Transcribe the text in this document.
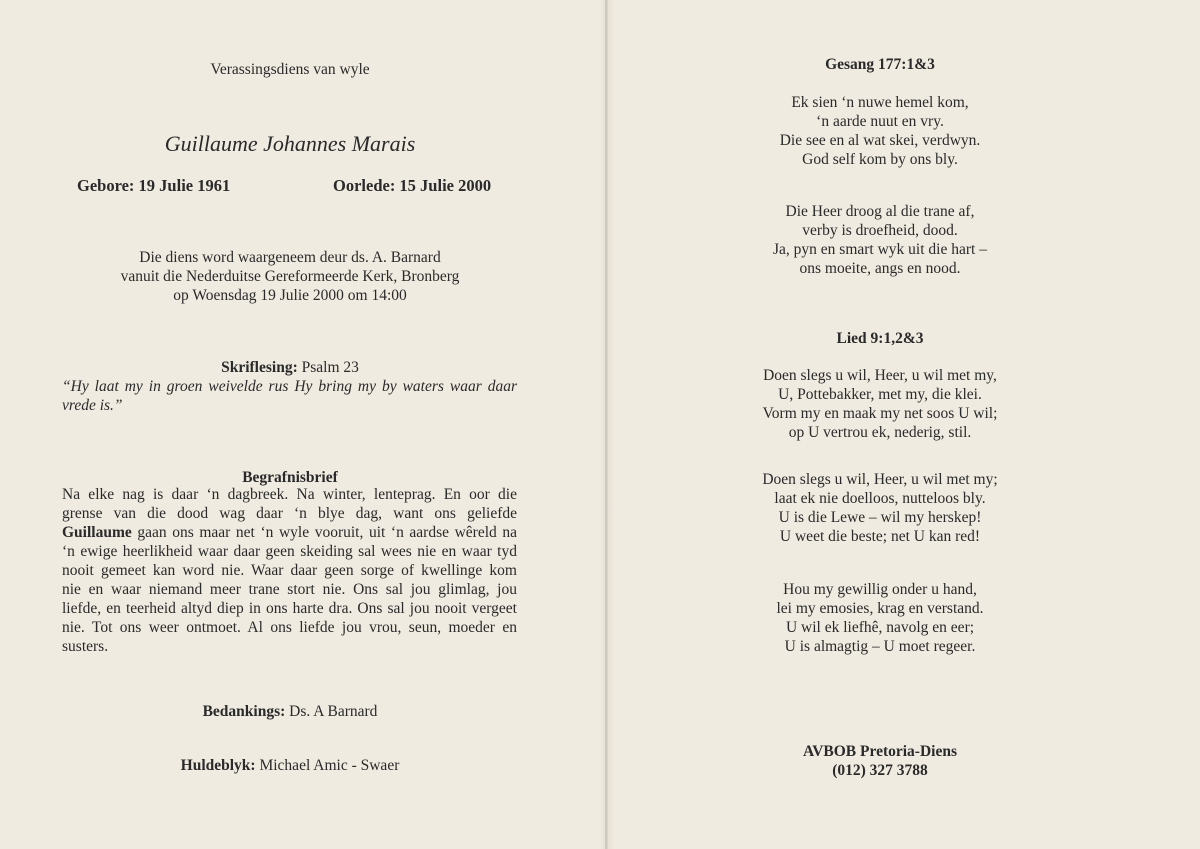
Verassingsdiens van wyle
Guillaume Johannes Marais
Gebore: 19 Julie 1961	Oorlede: 15 Julie 2000
Die diens word waargeneem deur ds. A. Barnard
vanuit die Nederduitse Gereformeerde Kerk, Bronberg
op Woensdag 19 Julie 2000 om 14:00
Skriflesing: Psalm 23
“Hy laat my in groen weivelde rus Hy bring my by waters waar daar vrede is.”
Begrafnisbrief
Na elke nag is daar ‘n dagbreek. Na winter, lenteprag. En oor die
grense van die dood wag daar ‘n blye dag, want ons geliefde
Guillaume gaan ons maar net ‘n wyle vooruit, uit ‘n aardse wêreld na
‘n ewige heerlikheid waar daar geen skeiding sal wees nie en waar tyd
nooit gemeet kan word nie. Waar daar geen sorge of kwellinge kom
nie en waar niemand meer trane stort nie. Ons sal jou glimlag, jou
liefde, en teerheid altyd diep in ons harte dra. Ons sal jou nooit vergeet
nie. Tot ons weer ontmoet. Al ons liefde jou vrou, seun, moeder en
susters.
Bedankings: Ds. A Barnard
Huldeblyk: Michael Amic - Swaer
Gesang 177:1&3
Ek sien ‘n nuwe hemel kom,
‘n aarde nuut en vry.
Die see en al wat skei, verdwyn.
God self kom by ons bly.
Die Heer droog al die trane af,
verby is droefheid, dood.
Ja, pyn en smart wyk uit die hart –
ons moeite, angs en nood.
Lied 9:1,2&3
Doen slegs u wil, Heer, u wil met my,
U, Pottebakker, met my, die klei.
Vorm my en maak my net soos U wil;
op U vertrou ek, nederig, stil.
Doen slegs u wil, Heer, u wil met my;
laat ek nie doelloos, nutteloos bly.
U is die Lewe – wil my herskep!
U weet die beste; net U kan red!
Hou my gewillig onder u hand,
lei my emosies, krag en verstand.
U wil ek liefhê, navolg en eer;
U is almagtig – U moet regeer.
AVBOB Pretoria-Diens
(012) 327 3788
